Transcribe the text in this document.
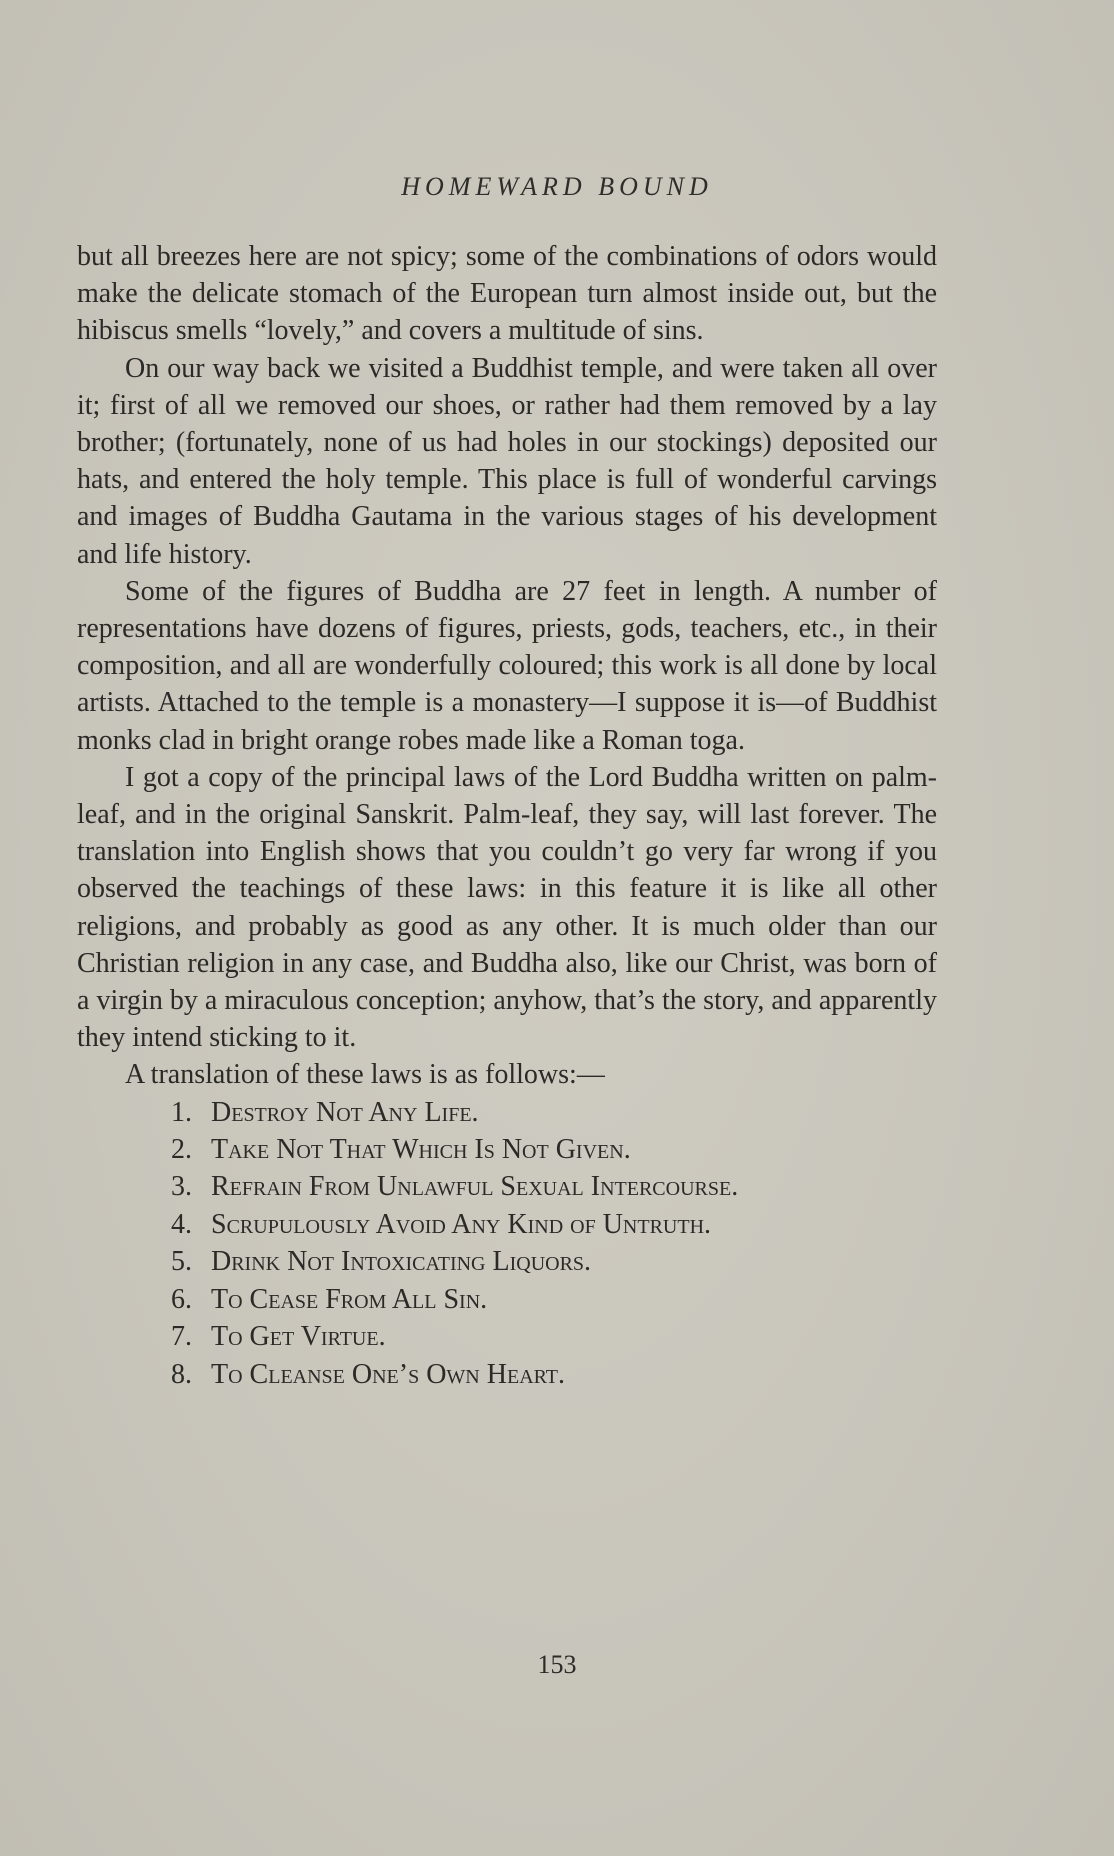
HOMEWARD BOUND

but all breezes here are not spicy; some of the combinations of odors would make the delicate stomach of the European turn almost inside out, but the hibiscus smells “lovely,” and covers a multitude of sins.

On our way back we visited a Buddhist temple, and were taken all over it; first of all we removed our shoes, or rather had them removed by a lay brother; (fortunately, none of us had holes in our stockings) deposited our hats, and entered the holy temple. This place is full of wonderful carvings and images of Buddha Gautama in the various stages of his development and life history.

Some of the figures of Buddha are 27 feet in length. A number of representations have dozens of figures, priests, gods, teachers, etc., in their composition, and all are wonderfully coloured; this work is all done by local artists. Attached to the temple is a monastery—I suppose it is—of Buddhist monks clad in bright orange robes made like a Roman toga.

I got a copy of the principal laws of the Lord Buddha written on palm-leaf, and in the original Sanskrit. Palm-leaf, they say, will last forever. The translation into English shows that you couldn’t go very far wrong if you observed the teachings of these laws: in this feature it is like all other religions, and probably as good as any other. It is much older than our Christian religion in any case, and Buddha also, like our Christ, was born of a virgin by a miraculous conception; anyhow, that’s the story, and apparently they intend sticking to it.

A translation of these laws is as follows:—

1. Destroy Not Any Life.
2. Take Not That Which Is Not Given.
3. Refrain From Unlawful Sexual Intercourse.
4. Scrupulously Avoid Any Kind of Untruth.
5. Drink Not Intoxicating Liquors.
6. To Cease From All Sin.
7. To Get Virtue.
8. To Cleanse One’s Own Heart.
153
